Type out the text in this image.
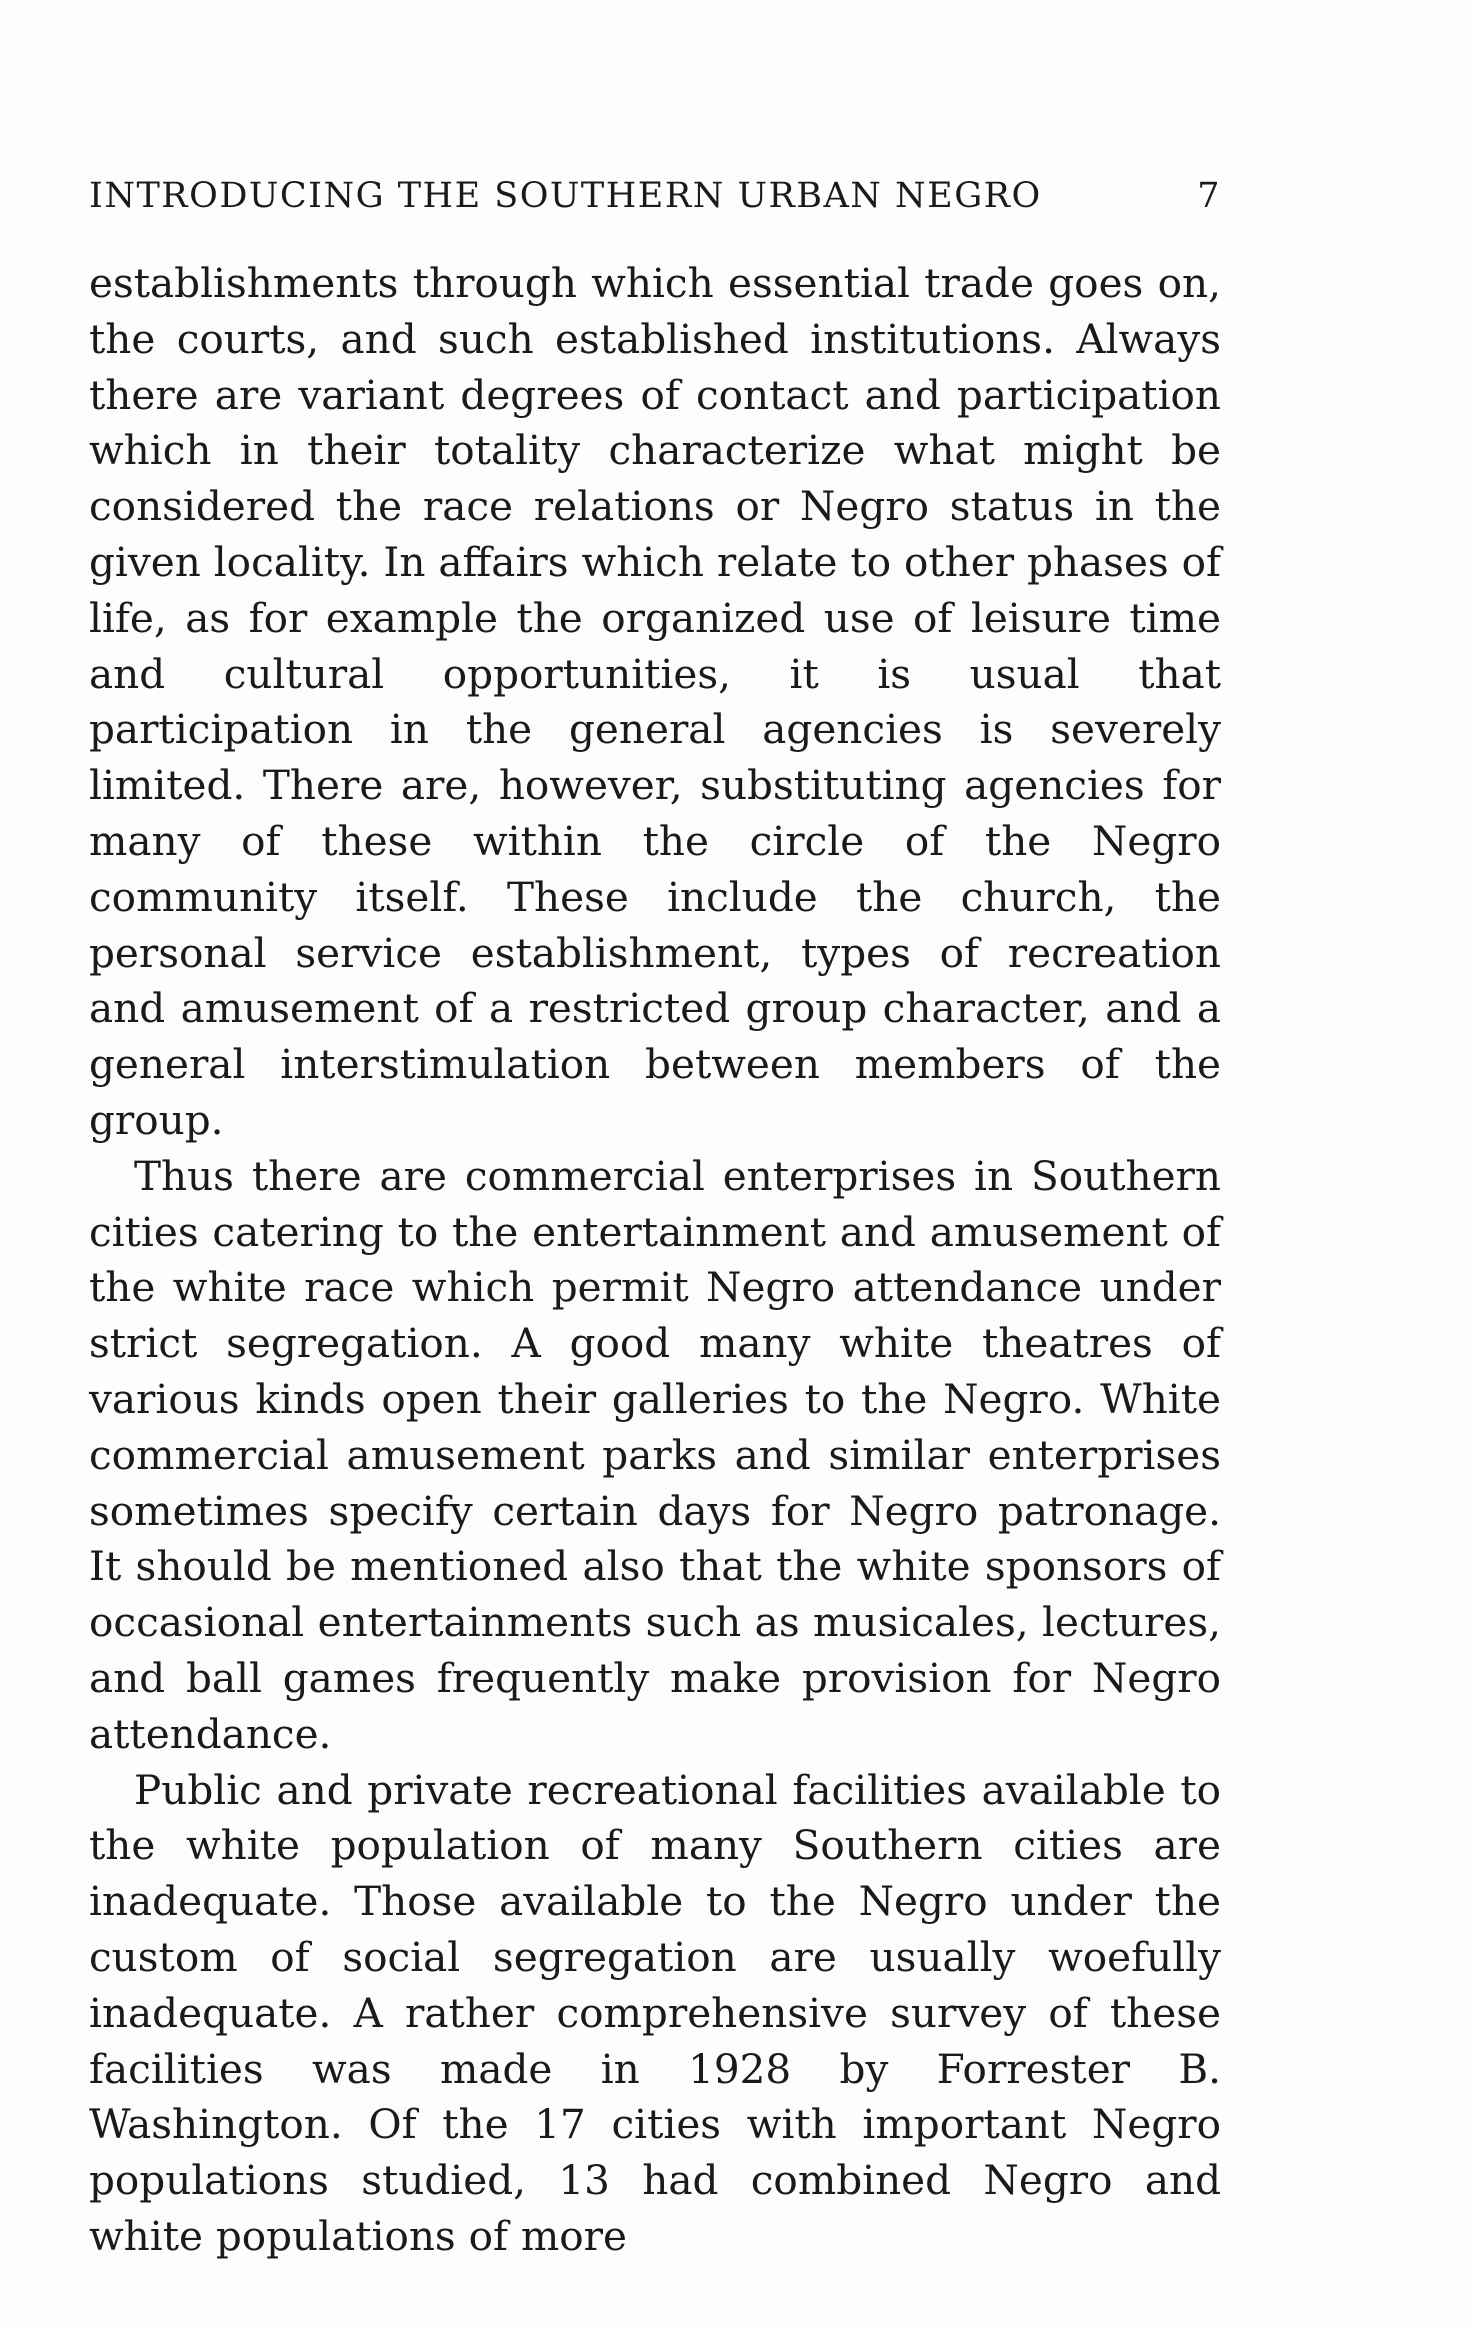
INTRODUCING THE SOUTHERN URBAN NEGRO	7

establishments through which essential trade goes on, the courts, and such established institutions. Always there are variant degrees of contact and participation which in their totality characterize what might be considered the race relations or Negro status in the given locality. In affairs which relate to other phases of life, as for example the organized use of leisure time and cultural opportunities, it is usual that participation in the general agencies is severely limited. There are, however, substituting agencies for many of these within the circle of the Negro community itself. These include the church, the personal service establishment, types of recreation and amusement of a restricted group character, and a general interstimulation between members of the group.

Thus there are commercial enterprises in Southern cities catering to the entertainment and amusement of the white race which permit Negro attendance under strict segregation. A good many white theatres of various kinds open their galleries to the Negro. White commercial amusement parks and similar enterprises sometimes specify certain days for Negro patronage. It should be mentioned also that the white sponsors of occasional entertainments such as musicales, lectures, and ball games frequently make provision for Negro attendance.

Public and private recreational facilities available to the white population of many Southern cities are inadequate. Those available to the Negro under the custom of social segregation are usually woefully inadequate. A rather comprehensive survey of these facilities was made in 1928 by Forrester B. Washington. Of the 17 cities with important Negro populations studied, 13 had combined Negro and white populations of more
